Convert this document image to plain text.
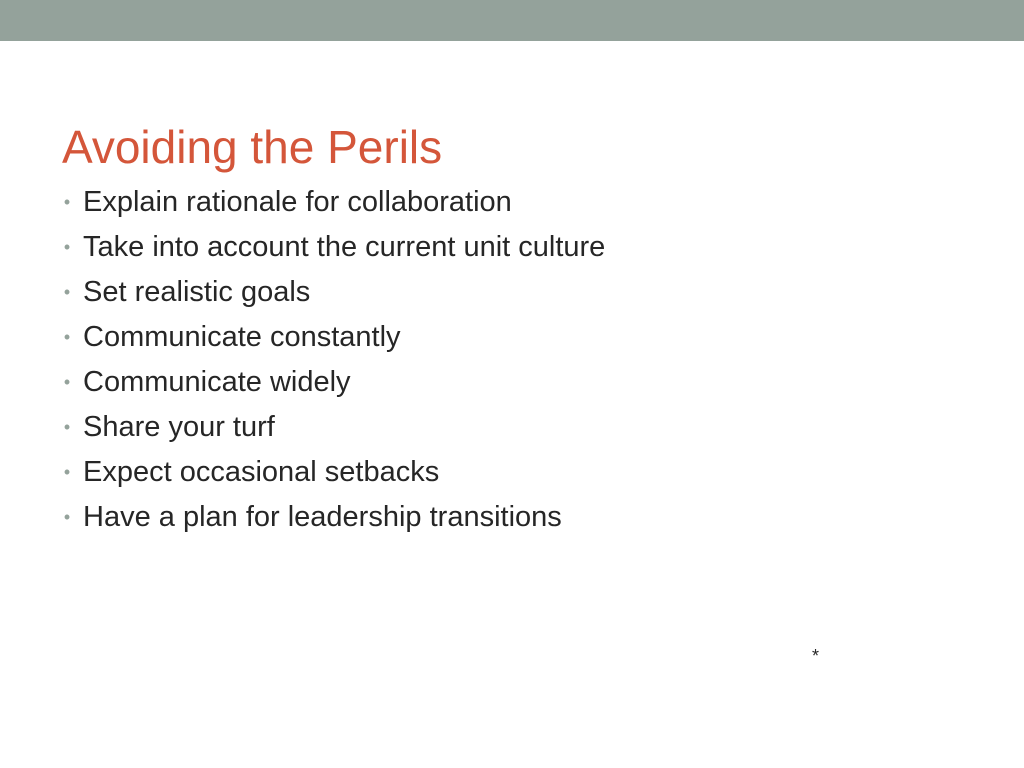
Avoiding the Perils
• Explain rationale for collaboration
• Take into account the current unit culture
• Set realistic goals
• Communicate constantly
• Communicate widely
• Share your turf
• Expect occasional setbacks
• Have a plan for leadership transitions
*
